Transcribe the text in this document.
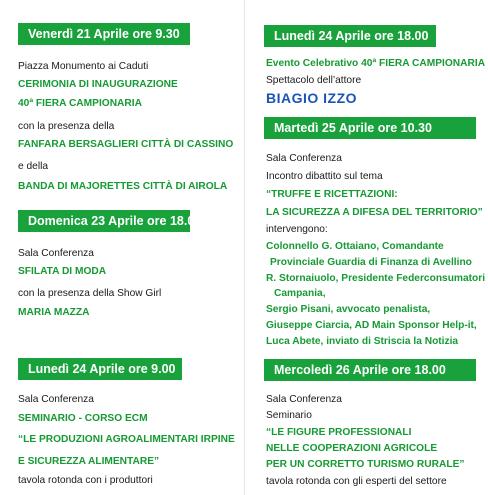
Venerdì 21 Aprile ore 9.30
Piazza Monumento ai Caduti
CERIMONIA DI INAUGURAZIONE
40ª FIERA CAMPIONARIA
con la presenza della
FANFARA BERSAGLIERI CITTÀ DI CASSINO
e della
BANDA DI MAJORETTES CITTÀ DI AIROLA
Domenica 23 Aprile ore 18.00
Sala Conferenza
SFILATA DI MODA
con la presenza della Show Girl
MARIA MAZZA
Lunedì 24 Aprile ore 9.00
Sala Conferenza
SEMINARIO - CORSO ECM
“LE PRODUZIONI AGROALIMENTARI IRPINE
E SICUREZZA ALIMENTARE”
tavola rotonda con i produttori
Lunedì 24 Aprile ore 18.00
Evento Celebrativo 40ª FIERA CAMPIONARIA
Spettacolo dell’attore
BIAGIO IZZO
Martedì 25 Aprile ore 10.30
Sala Conferenza
Incontro dibattito sul tema
“TRUFFE E RICETTAZIONI:
LA SICUREZZA A DIFESA DEL TERRITORIO”
intervengono:
Colonnello G. Ottaiano, Comandante
Provinciale Guardia di Finanza di Avellino
R. Stornaiuolo, Presidente Federconsumatori
Campania,
Sergio Pisani, avvocato penalista,
Giuseppe Ciarcia, AD Main Sponsor Help-it,
Luca Abete, inviato di Striscia la Notizia
Mercoledì 26 Aprile ore 18.00
Sala Conferenza
Seminario
“LE FIGURE PROFESSIONALI
NELLE COOPERAZIONI AGRICOLE
PER UN CORRETTO TURISMO RURALE”
tavola rotonda con gli esperti del settore
